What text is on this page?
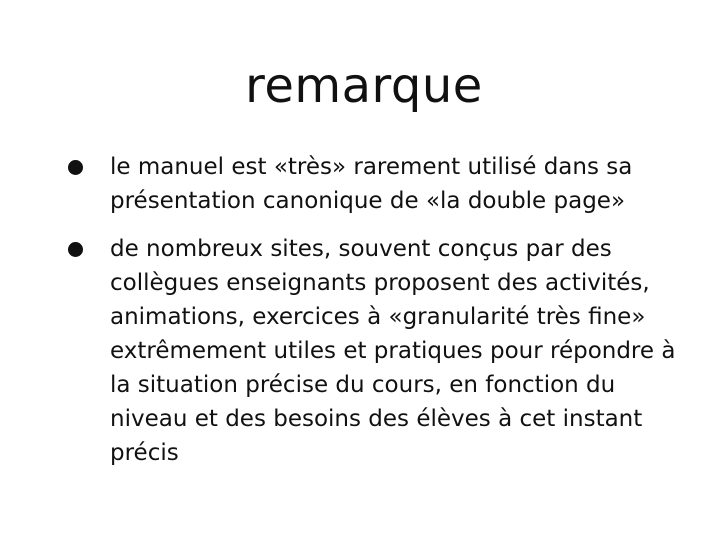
remarque
le manuel est «très» rarement utilisé dans sa présentation canonique de «la double page»
de nombreux sites, souvent conçus par des collègues enseignants proposent des activités, animations, exercices à «granularité très fine» extrêmement utiles et pratiques pour répondre à la situation précise du cours, en fonction du niveau et des besoins des élèves à cet instant précis
